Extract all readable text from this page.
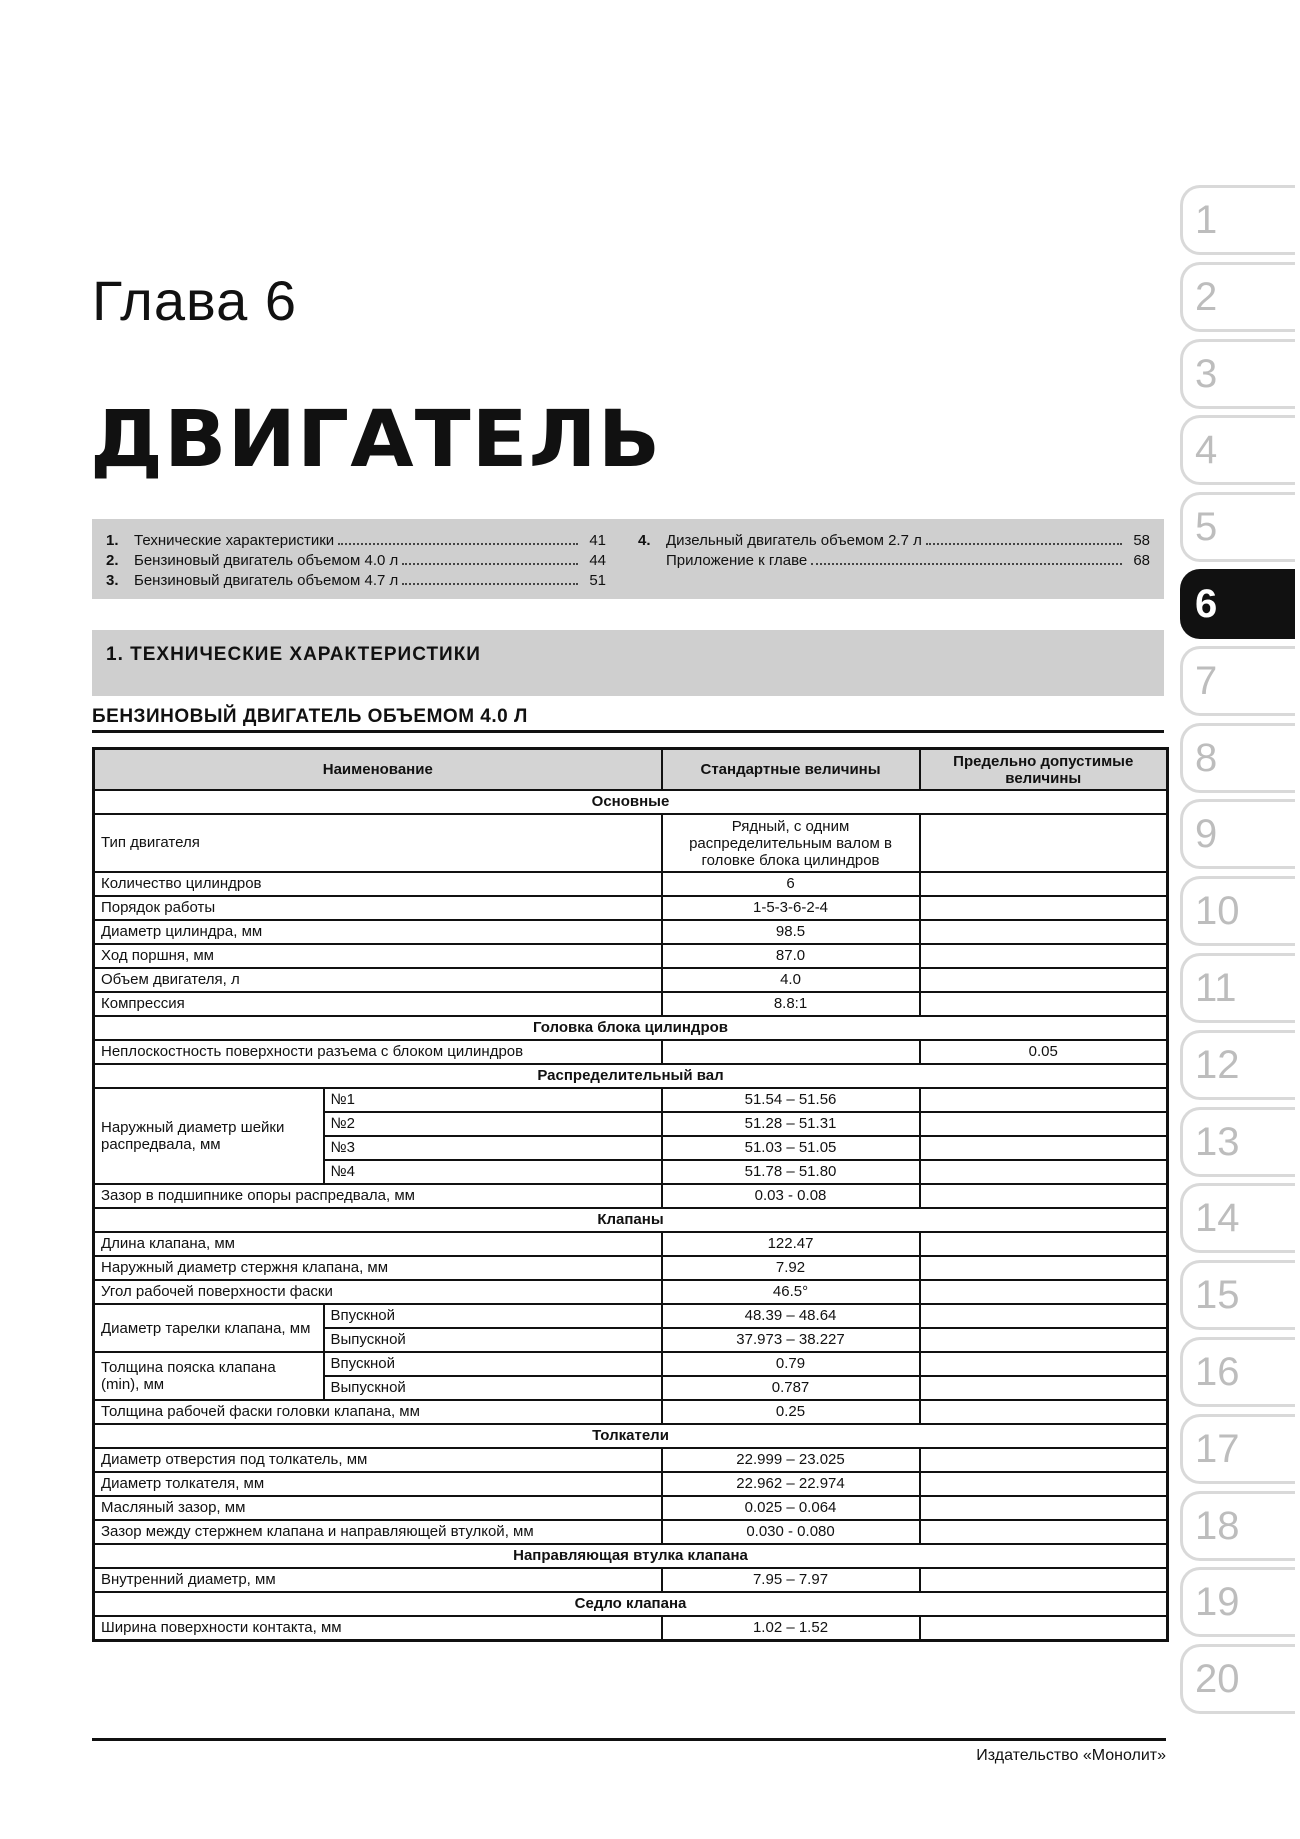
Глава 6
ДВИГАТЕЛЬ
1.	Технические характеристики	41
2.	Бензиновый двигатель объемом 4.0 л	44
3.	Бензиновый двигатель объемом 4.7 л	51
4.	Дизельный двигатель объемом 2.7 л	58
Приложение к главе	68
1. ТЕХНИЧЕСКИЕ ХАРАКТЕРИСТИКИ
БЕНЗИНОВЫЙ ДВИГАТЕЛЬ ОБЪЕМОМ 4.0 Л
Наименование		Стандартные величины	Предельно допустимые величины
Основные			
Тип двигателя		Рядный, с одним распределительным валом в головке блока цилиндров	
Количество цилиндров		6	
Порядок работы		1-5-3-6-2-4	
Диаметр цилиндра, мм		98.5	
Ход поршня, мм		87.0	
Объем двигателя, л		4.0	
Компрессия		8.8:1	
Головка блока цилиндров			
Неплоскостность поверхности разъема с блоком цилиндров			0.05
Распределительный вал			
Наружный диаметр шейки распредвала, мм	№1	51.54 – 51.56	
	№2	51.28 – 51.31	
	№3	51.03 – 51.05	
	№4	51.78 – 51.80	
Зазор в подшипнике опоры распредвала, мм		0.03 - 0.08	
Клапаны			
Длина клапана, мм		122.47	
Наружный диаметр стержня клапана, мм		7.92	
Угол рабочей поверхности фаски		46.5°	
Диаметр тарелки клапана, мм	Впускной	48.39 – 48.64	
	Выпускной	37.973 – 38.227	
Толщина пояска клапана (min), мм	Впускной	0.79	
	Выпускной	0.787	
Толщина рабочей фаски головки клапана, мм		0.25	
Толкатели			
Диаметр отверстия под толкатель, мм		22.999 – 23.025	
Диаметр толкателя, мм		22.962 – 22.974	
Масляный зазор, мм		0.025 – 0.064	
Зазор между стержнем клапана и направляющей втулкой, мм		0.030 - 0.080	
Направляющая втулка клапана			
Внутренний диаметр, мм		7.95 – 7.97	
Седло клапана			
Ширина поверхности контакта, мм		1.02 – 1.52	
1
2
3
4
5
6
7
8
9
10
11
12
13
14
15
16
17
18
19
20
Издательство «Монолит»
